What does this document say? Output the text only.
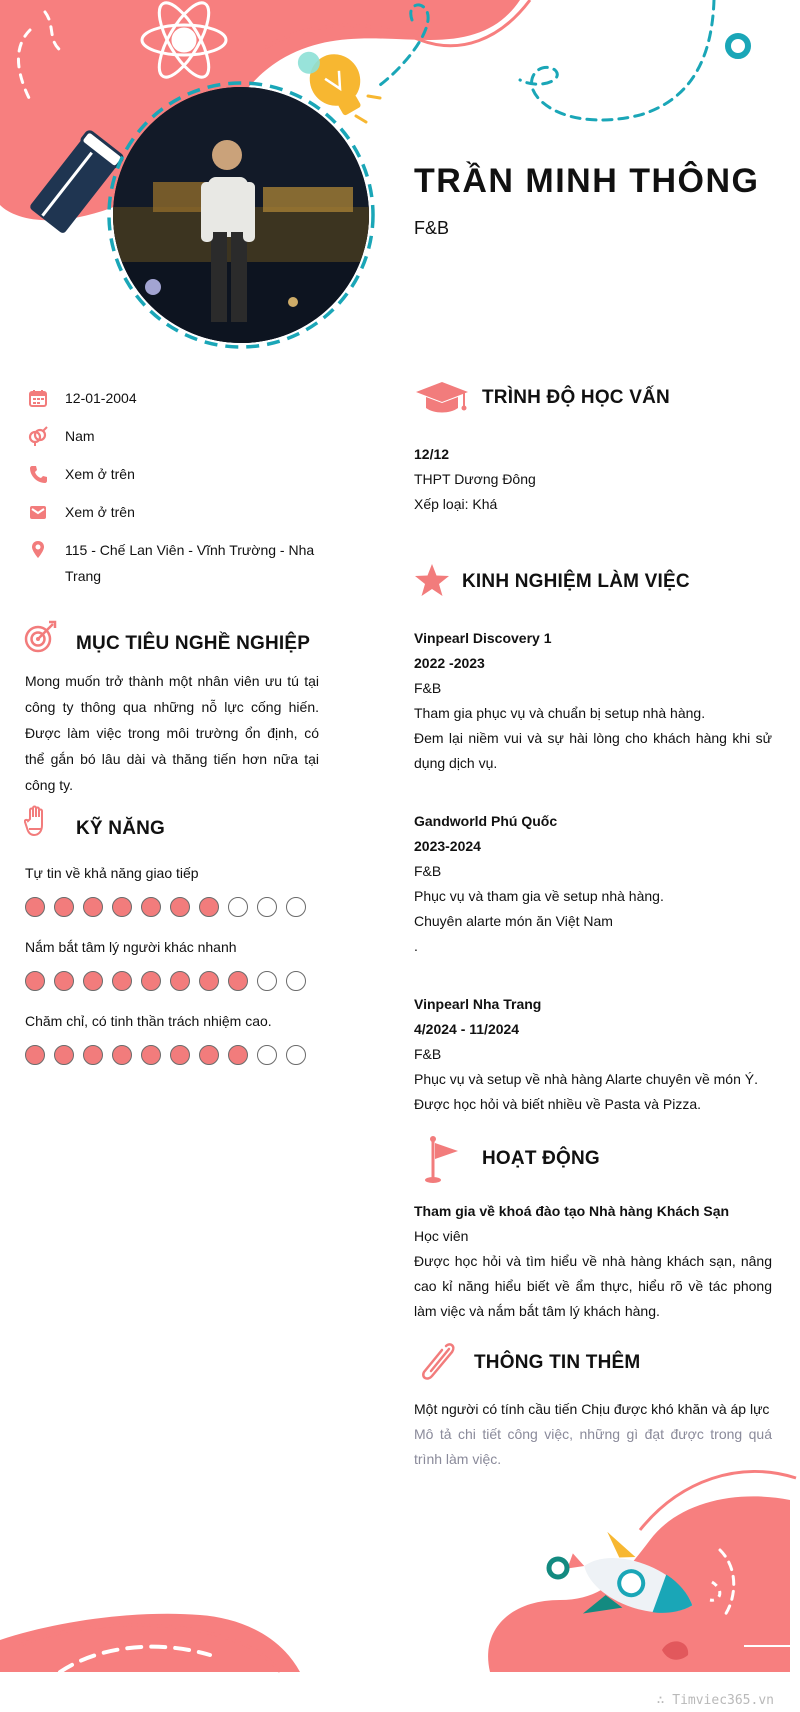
TRẦN MINH THÔNG
F&B
12-01-2004
Nam
Xem ở trên
Xem ở trên
115 - Chế Lan Viên - Vĩnh Trường - Nha Trang
MỤC TIÊU NGHỀ NGHIỆP

Mong muốn trở thành một nhân viên ưu tú tại công ty thông qua những nỗ lực cống hiến. Được làm việc trong môi trường ổn định, có thể gắn bó lâu dài và thăng tiến hơn nữa tại công ty.

KỸ NĂNG
Tự tin về khả năng giao tiếp
Nắm bắt tâm lý người khác nhanh
Chăm chỉ, có tinh thần trách nhiệm cao.
TRÌNH ĐỘ HỌC VẤN

12/12

THPT Dương Đông

Xếp loại: Khá

KINH NGHIỆM LÀM VIỆC

Vinpearl Discovery 1

2022 -2023

F&B

Tham gia phục vụ và chuẩn bị setup nhà hàng.

Đem lại niềm vui và sự hài lòng cho khách hàng khi sử dụng dịch vụ.

Gandworld Phú Quốc

2023-2024

F&B

Phục vụ và tham gia về setup nhà hàng.

Chuyên alarte món ăn Việt Nam

.

Vinpearl Nha Trang

4/2024 - 11/2024

F&B

Phục vụ và setup về nhà hàng Alarte chuyên về món Ý.

Được học hỏi và biết nhiều về Pasta và Pizza.

HOẠT ĐỘNG

Tham gia về khoá đào tạo Nhà hàng Khách Sạn

Học viên

Được học hỏi và tìm hiểu về nhà hàng khách sạn, nâng cao kỉ năng hiểu biết về ẩm thực, hiểu rõ về tác phong làm việc và nắm bắt tâm lý khách hàng.

THÔNG TIN THÊM

Một người có tính cầu tiến Chịu được khó khăn và áp lực

Mô tả chi tiết công việc, những gì đạt được trong quá trình làm việc.

∴ Timviec365.vn
